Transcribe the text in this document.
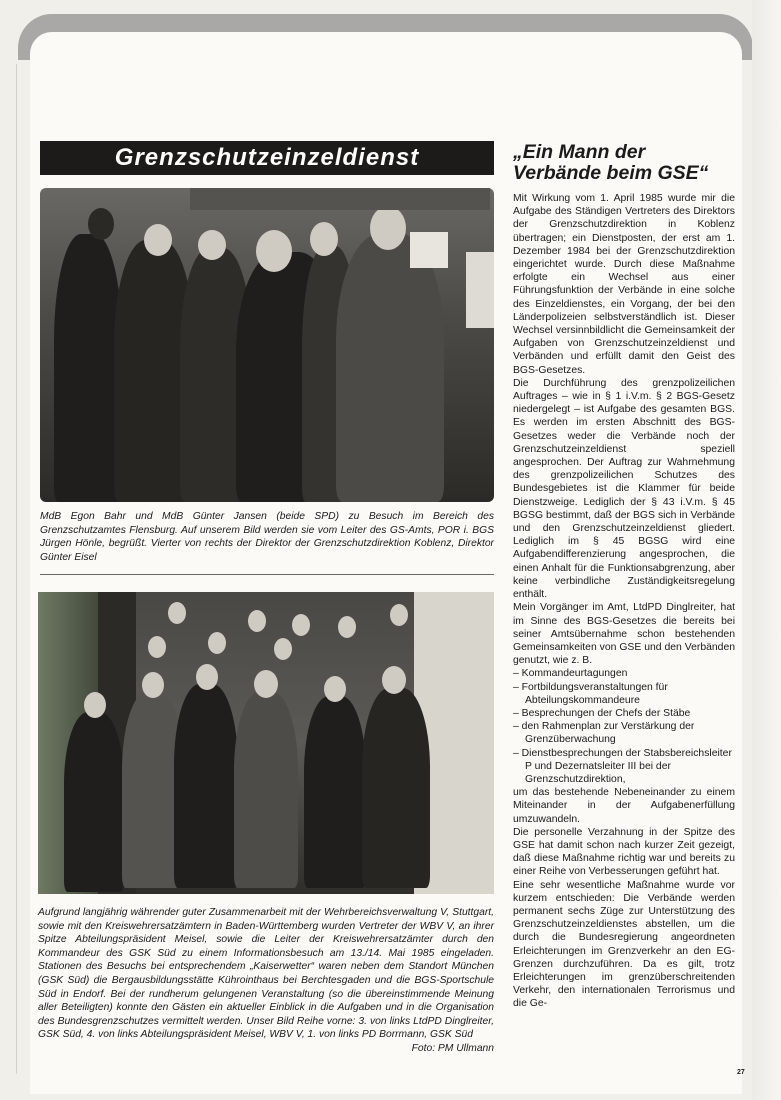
Grenzschutzeinzeldienst
MdB Egon Bahr und MdB Günter Jansen (beide SPD) zu Besuch im Bereich des Grenzschutzamtes Flensburg. Auf unserem Bild werden sie vom Leiter des GS-Amts, POR i. BGS Jürgen Hönle, begrüßt. Vierter von rechts der Direktor der Grenzschutzdirektion Koblenz, Direktor Günter Eisel
Aufgrund langjährig währender guter Zusammenarbeit mit der Wehrbereichsverwaltung V, Stuttgart, sowie mit den Kreiswehrersatzämtern in Baden-Württemberg wurden Vertreter der WBV V, an ihrer Spitze Abteilungspräsident Meisel, sowie die Leiter der Kreiswehrersatzämter durch den Kommandeur des GSK Süd zu einem Informationsbesuch am 13./14. Mai 1985 eingeladen. Stationen des Besuchs bei entsprechendem „Kaiserwetter“ waren neben dem Standort München (GSK Süd) die Bergausbildungsstätte Kührointhaus bei Berchtesgaden und die BGS-Sportschule Süd in Endorf. Bei der rundherum gelungenen Veranstaltung (so die übereinstimmende Meinung aller Beteiligten) konnte den Gästen ein aktueller Einblick in die Aufgaben und in die Organisation des Bundesgrenzschutzes vermittelt werden. Unser Bild Reihe vorne: 3. von links LtdPD Dinglreiter, GSK Süd, 4. von links Abteilungspräsident Meisel, WBV V, 1. von links PD Borrmann, GSK Süd
Foto: PM Ullmann
„Ein Mann der Verbände beim GSE“

Mit Wirkung vom 1. April 1985 wurde mir die Aufgabe des Ständigen Vertreters des Direktors der Grenzschutzdirektion in Koblenz übertragen; ein Dienstposten, der erst am 1. Dezember 1984 bei der Grenzschutzdirektion eingerichtet wurde. Durch diese Maßnahme erfolgte ein Wechsel aus einer Führungsfunktion der Verbände in eine solche des Einzeldienstes, ein Vorgang, der bei den Länderpolizeien selbstverständlich ist. Dieser Wechsel versinnbildlicht die Gemeinsamkeit der Aufgaben von Grenzschutzeinzeldienst und Verbänden und erfüllt damit den Geist des BGS-Gesetzes.

Die Durchführung des grenzpolizeilichen Auftrages – wie in § 1 i.V.m. § 2 BGS-Gesetz niedergelegt – ist Aufgabe des gesamten BGS. Es werden im ersten Abschnitt des BGS-Gesetzes weder die Verbände noch der Grenzschutzeinzeldienst speziell angesprochen. Der Auftrag zur Wahrnehmung des grenzpolizeilichen Schutzes des Bundesgebietes ist die Klammer für beide Dienstzweige. Lediglich der § 43 i.V.m. § 45 BGSG bestimmt, daß der BGS sich in Verbände und den Grenzschutzeinzeldienst gliedert. Lediglich im § 45 BGSG wird eine Aufgabendifferenzierung angesprochen, die einen Anhalt für die Funktionsabgrenzung, aber keine verbindliche Zuständigkeitsregelung enthält.

Mein Vorgänger im Amt, LtdPD Dinglreiter, hat im Sinne des BGS-Gesetzes die bereits bei seiner Amtsübernahme schon bestehenden Gemeinsamkeiten von GSE und den Verbänden genutzt, wie z. B.

– Kommandeurtagungen
– Fortbildungsveranstaltungen für Abteilungskommandeure
– Besprechungen der Chefs der Stäbe
– den Rahmenplan zur Verstärkung der Grenzüberwachung
– Dienstbesprechungen der Stabsbereichsleiter P und Dezernatsleiter III bei der Grenzschutzdirektion,

um das bestehende Nebeneinander zu einem Miteinander in der Aufgabenerfüllung umzuwandeln.

Die personelle Verzahnung in der Spitze des GSE hat damit schon nach kurzer Zeit gezeigt, daß diese Maßnahme richtig war und bereits zu einer Reihe von Verbesserungen geführt hat.

Eine sehr wesentliche Maßnahme wurde vor kurzem entschieden: Die Verbände werden permanent sechs Züge zur Unterstützung des Grenzschutzeinzeldienstes abstellen, um die durch die Bundesregierung angeordneten Erleichterungen im Grenzverkehr an den EG-Grenzen durchzuführen. Da es gilt, trotz Erleichterungen im grenzüberschreitenden Verkehr, den internationalen Terrorismus und die Ge-

27
